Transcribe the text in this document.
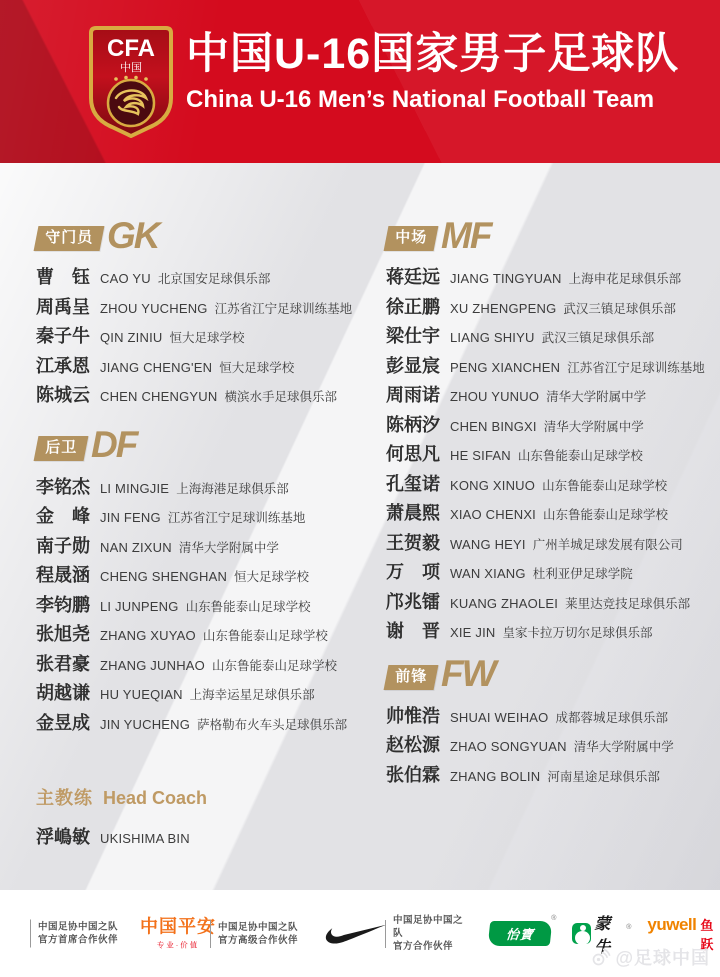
CFA
中国 中国U-16国家男子足球队
China U-16 Men’s National Football Team
守门员 GK
曹　钰 CAO YU 北京国安足球俱乐部
周禹呈 ZHOU YUCHENG 江苏省江宁足球训练基地
秦子牛 QIN ZINIU 恒大足球学校
江承恩 JIANG CHENG'EN 恒大足球学校
陈城云 CHEN CHENGYUN 横滨水手足球俱乐部
后卫 DF
李铭杰 LI MINGJIE 上海海港足球俱乐部
金　峰 JIN FENG 江苏省江宁足球训练基地
南子勋 NAN ZIXUN 清华大学附属中学
程晟涵 CHENG SHENGHAN 恒大足球学校
李钧鹏 LI JUNPENG 山东鲁能泰山足球学校
张旭尧 ZHANG XUYAO 山东鲁能泰山足球学校
张君豪 ZHANG JUNHAO 山东鲁能泰山足球学校
胡越谦 HU YUEQIAN 上海幸运星足球俱乐部
金昱成 JIN YUCHENG 萨格勒布火车头足球俱乐部
主教练 Head Coach
浮嶋敏 UKISHIMA BIN
中场 MF
蒋廷远 JIANG TINGYUAN 上海申花足球俱乐部
徐正鹏 XU ZHENGPENG 武汉三镇足球俱乐部
梁仕宇 LIANG SHIYU 武汉三镇足球俱乐部
彭显宸 PENG XIANCHEN 江苏省江宁足球训练基地
周雨诺 ZHOU YUNUO 清华大学附属中学
陈柄汐 CHEN BINGXI 清华大学附属中学
何思凡 HE SIFAN 山东鲁能泰山足球学校
孔玺诺 KONG XINUO 山东鲁能泰山足球学校
萧晨熙 XIAO CHENXI 山东鲁能泰山足球学校
王贺毅 WANG HEYI 广州羊城足球发展有限公司
万　项 WAN XIANG 杜利亚伊足球学院
邝兆镭 KUANG ZHAOLEI 莱里达竞技足球俱乐部
谢　晋 XIE JIN 皇家卡拉万切尔足球俱乐部
前锋 FW
帅惟浩 SHUAI WEIHAO 成都蓉城足球俱乐部
赵松源 ZHAO SONGYUAN 清华大学附属中学
张伯霖 ZHANG BOLIN 河南星途足球俱乐部
中国足协中国之队
官方首席合作伙伴
中国平安
专业·价值
中国足协中国之队
官方高级合作伙伴
中国足协中国之队
官方合作伙伴
怡寶
® 蒙牛
® yuwell 鱼跃
@足球中国
